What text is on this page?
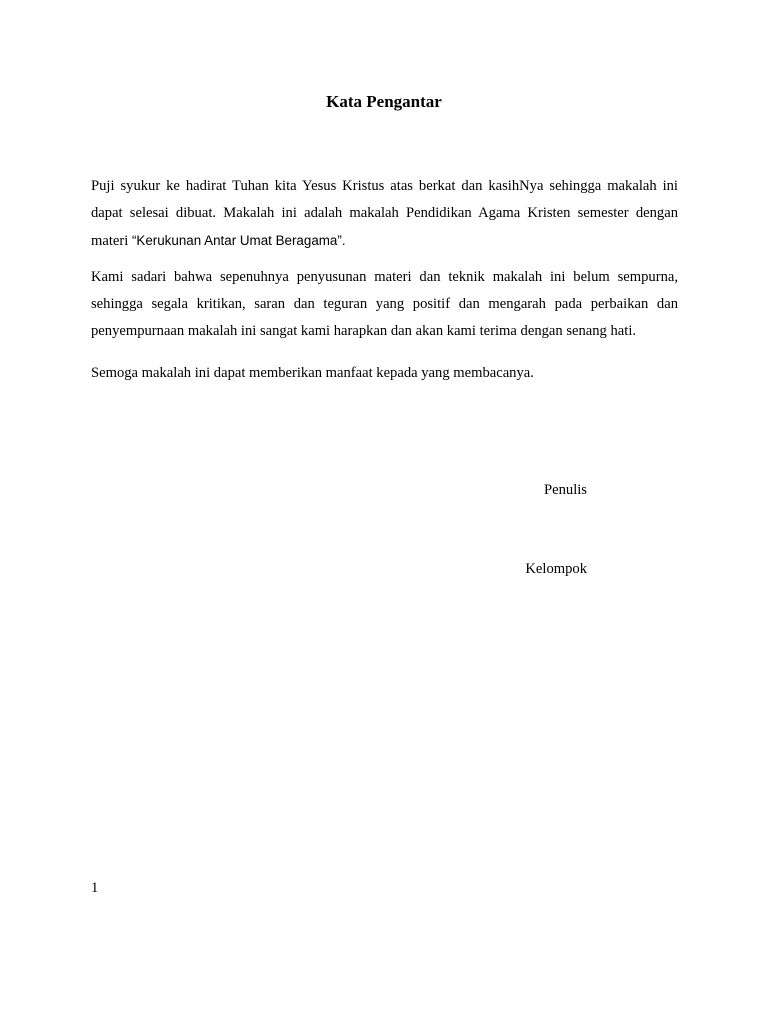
Kata Pengantar

Puji syukur ke hadirat Tuhan kita Yesus Kristus atas berkat dan kasihNya sehingga makalah ini dapat selesai dibuat. Makalah ini adalah makalah Pendidikan Agama Kristen semester dengan materi “Kerukunan Antar Umat Beragama”.

Kami sadari bahwa sepenuhnya penyusunan materi dan teknik makalah ini belum sempurna, sehingga segala kritikan, saran dan teguran yang positif dan mengarah pada perbaikan dan penyempurnaan makalah ini sangat kami harapkan dan akan kami terima dengan senang hati.

Semoga makalah ini dapat memberikan manfaat kepada yang membacanya.

Penulis

Kelompok

1
